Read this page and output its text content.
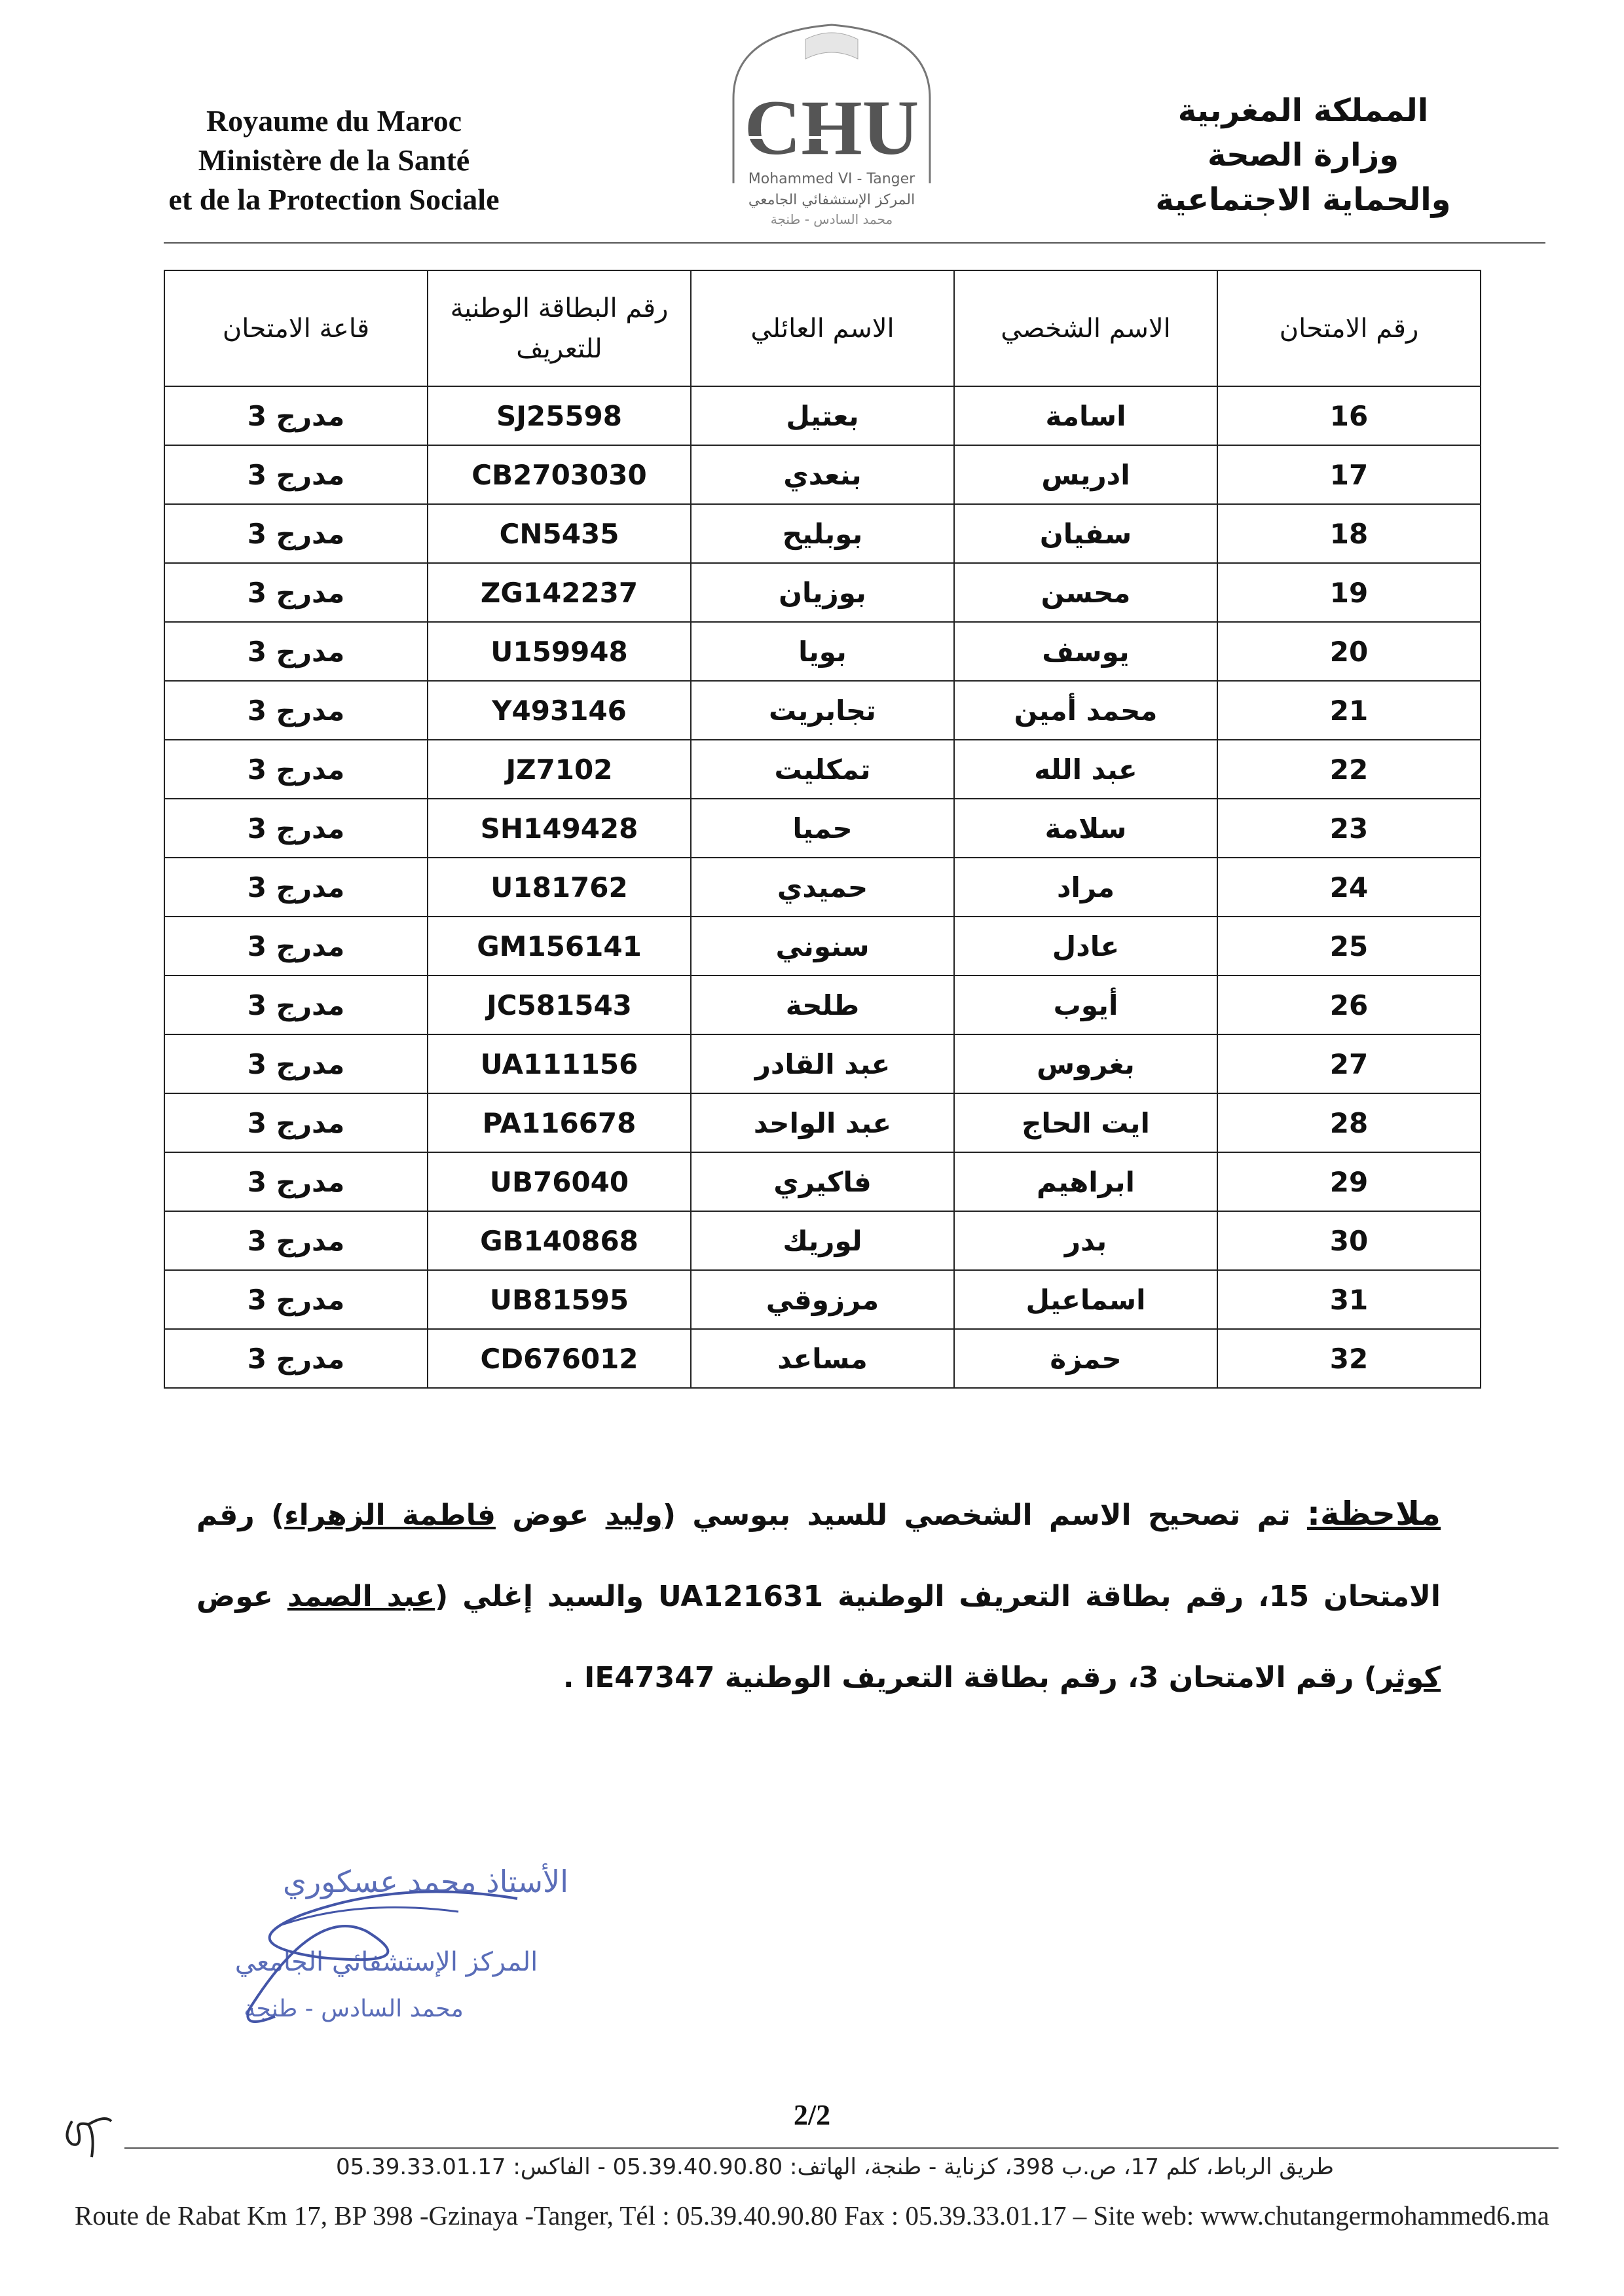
Royaume du Maroc
Ministère de la Santé
et de la Protection Sociale
CHU
Mohammed VI - Tanger
المركز الإستشفائي الجامعي
محمد السادس - طنجة
المملكة المغربية
وزارة الصحة
والحماية الاجتماعية
رقم الامتحان	الاسم الشخصي	الاسم العائلي	رقم البطاقة الوطنية للتعريف	قاعة الامتحان
16	اسامة	بعتيل	SJ25598	مدرج 3
17	ادريس	بنعدي	CB2703030	مدرج 3
18	سفيان	بوبليح	CN5435	مدرج 3
19	محسن	بوزيان	ZG142237	مدرج 3
20	يوسف	بويا	U159948	مدرج 3
21	محمد أمين	تجابريت	Y493146	مدرج 3
22	عبد الله	تمكليت	JZ7102	مدرج 3
23	سلامة	حميا	SH149428	مدرج 3
24	مراد	حميدي	U181762	مدرج 3
25	عادل	سنوني	GM156141	مدرج 3
26	أيوب	طلحة	JC581543	مدرج 3
27	بغروس	عبد القادر	UA111156	مدرج 3
28	ايت الحاج	عبد الواحد	PA116678	مدرج 3
29	ابراهيم	فاكيري	UB76040	مدرج 3
30	بدر	لوريك	GB140868	مدرج 3
31	اسماعيل	مرزوقي	UB81595	مدرج 3
32	حمزة	مساعد	CD676012	مدرج 3
ملاحظة: تم تصحيح الاسم الشخصي للسيد ببوسي (وليد عوض فاطمة الزهراء) رقم الامتحان 15، رقم بطاقة التعريف الوطنية UA121631 والسيد إغلي (عبد الصمد عوض كوثر) رقم الامتحان 3، رقم بطاقة التعريف الوطنية IE47347 .
الأستاذ محمد عسكوري
المركز الإستشفائي الجامعي
محمد السادس - طنجة
2/2
طريق الرباط، كلم 17، ص.ب 398، كزناية - طنجة، الهاتف: 05.39.40.90.80 - الفاكس: 05.39.33.01.17
Route de Rabat Km 17, BP 398 -Gzinaya -Tanger, Tél : 05.39.40.90.80 Fax : 05.39.33.01.17 – Site web: www.chutangermohammed6.ma
